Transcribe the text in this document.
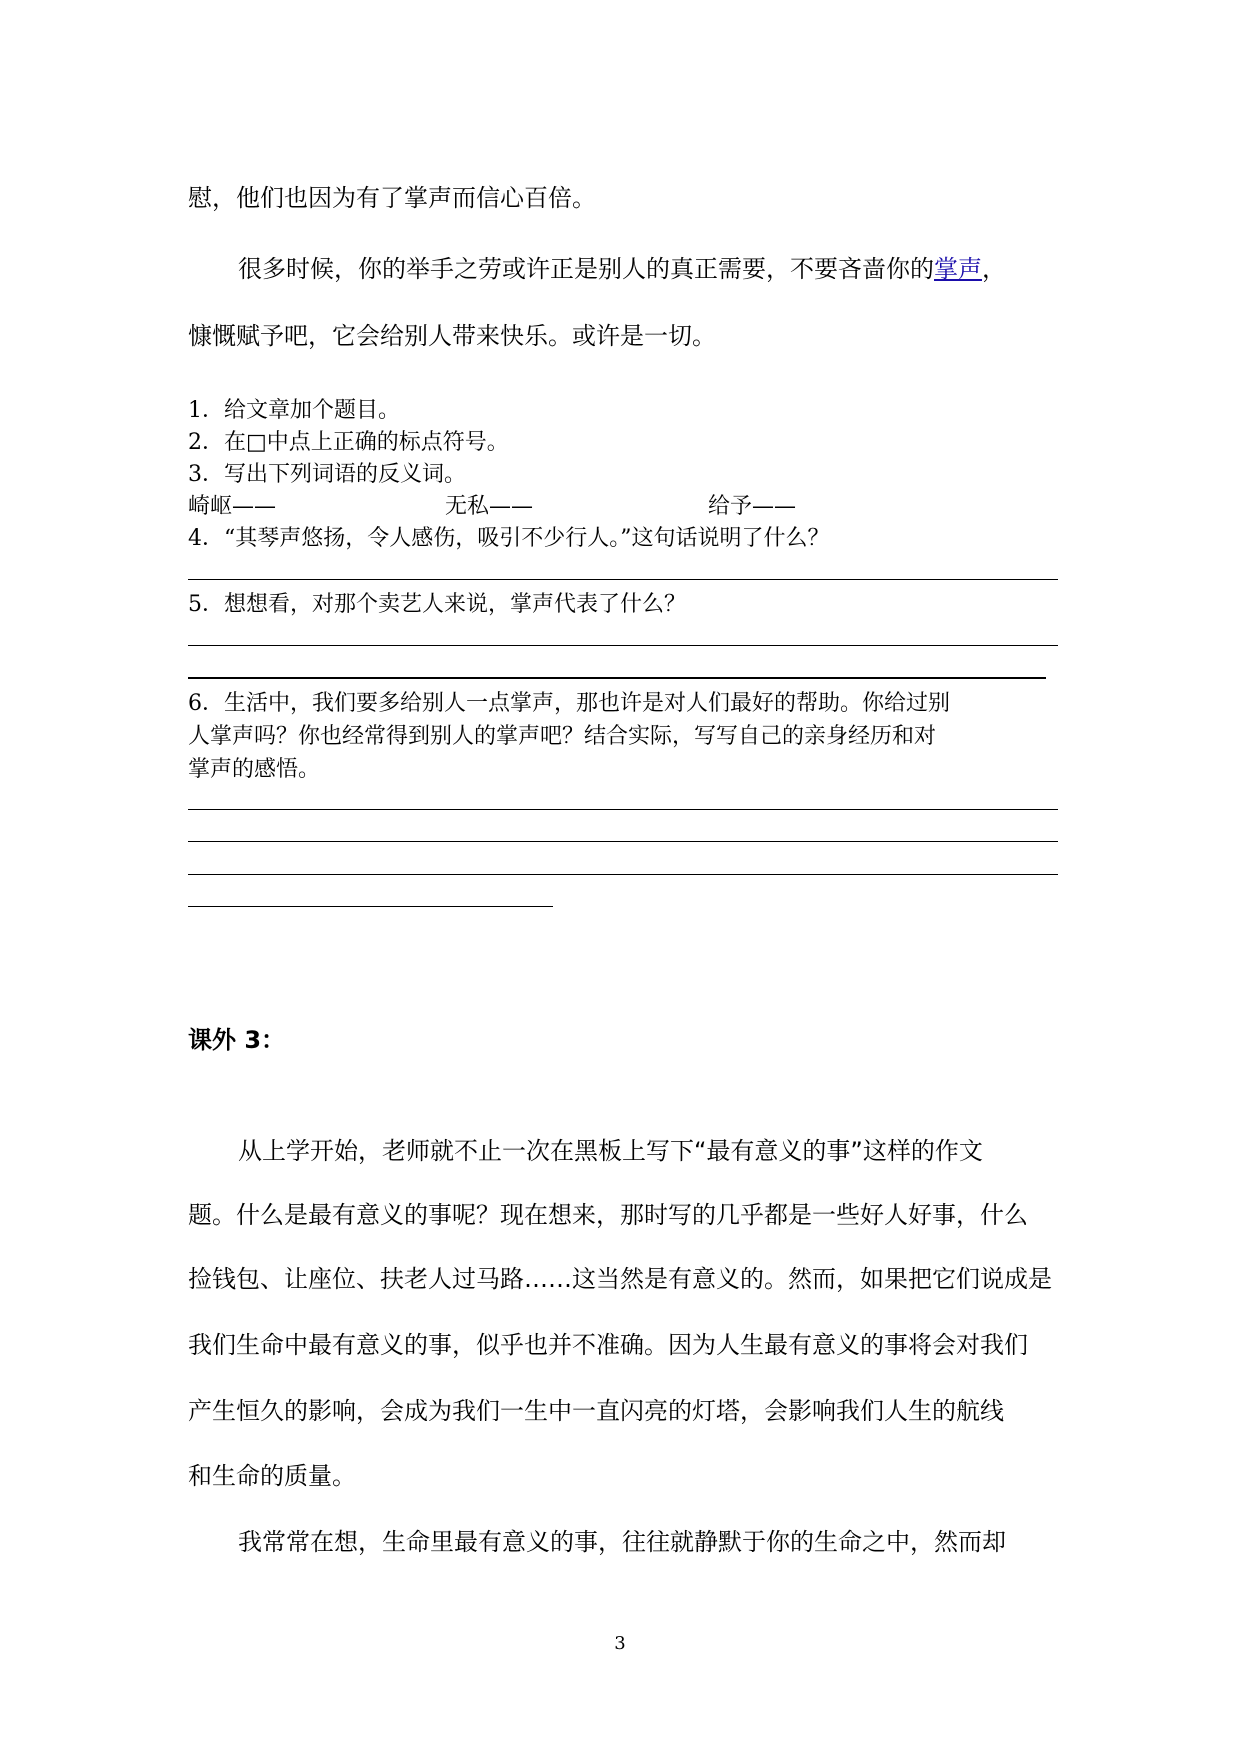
慰，他们也因为有了掌声而信心百倍。
很多时候，你的举手之劳或许正是别人的真正需要，不要吝啬你的掌声，
慷慨赋予吧，它会给别人带来快乐。或许是一切。
1．给文章加个题目。
2．在□中点上正确的标点符号。
3．写出下列词语的反义词。
崎岖——	无私——	给予——
4．“其琴声悠扬，令人感伤，吸引不少行人。”这句话说明了什么？
5．想想看，对那个卖艺人来说，掌声代表了什么？
6．生活中，我们要多给别人一点掌声，那也许是对人们最好的帮助。你给过别
人掌声吗？你也经常得到别人的掌声吧？结合实际，写写自己的亲身经历和对
掌声的感悟。
课外 3：
从上学开始，老师就不止一次在黑板上写下“最有意义的事”这样的作文
题。什么是最有意义的事呢？现在想来，那时写的几乎都是一些好人好事，什么
捡钱包、让座位、扶老人过马路……这当然是有意义的。然而，如果把它们说成是
我们生命中最有意义的事，似乎也并不准确。因为人生最有意义的事将会对我们
产生恒久的影响，会成为我们一生中一直闪亮的灯塔，会影响我们人生的航线
和生命的质量。
我常常在想，生命里最有意义的事，往往就静默于你的生命之中，然而却
3
